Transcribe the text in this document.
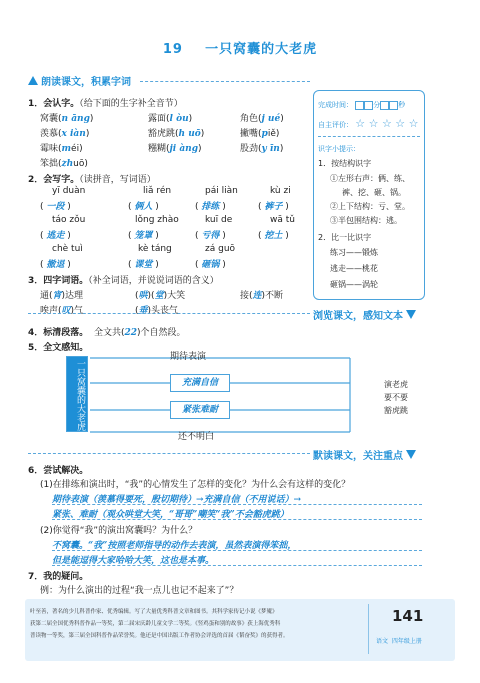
19 一只窝囊的大老虎
朗读课文，积累字词
1．会认字。（给下面的生字补全音节）
窝囊(n āng)	露面(l òu)	角色(j ué)
羡慕(x iàn)	豁虎跳(h uō)	撇嘴(piě)
霉味(méi)	糨糊(ji àng)	股劲(y īn)
笨拙(zhuō)
2．会写字。（读拼音，写词语）
yī duàn	liǎ rén	pái liàn	kù zi
( 一段 )	( 俩人 )	( 排练 )	( 裤子 )
táo zǒu	lǒng zhào	kuī de	wā tǔ
( 逃走 )	( 笼罩 )	( 亏得 )	( 挖土 )
chè tuì	kè táng	zá guō
( 撤退 )	( 课堂 )	( 砸锅 )
3．四字词语。（补全词语，并说说词语的含义）
通(宵)达理	(哄)(堂)大笑	接(连)不断
唉声(叹)气	(垂)头丧气
完成时间：	分	秒
自主评价： ☆ ☆ ☆ ☆ ☆
识字小提示：
1．按结构识字
①左形右声：俩、练、
裤、挖、砸、锅。
②上下结构：亏、堂。
③半包围结构：逃。
2．比一比识字
练习——锻炼
逃走——桃花
砸锅——涡轮
浏览课文，感知文本
4．标清段落。 全文共(22)个自然段。
5．全文感知。
一只窝囊的大老虎
期待表演
充满自信
紧张难耐
还不明白
演老虎
要不要
豁虎跳
默读课文，关注重点
6．尝试解决。
(1)在排练和演出时，“我”的心情发生了怎样的变化？为什么会有这样的变化？
期待表演（羡慕得要死，殷切期待）→充满自信（不用说话）→
紧张、难耐（观众哄堂大笑，“哥哥”嘲笑“我”不会豁虎跳）
(2)你觉得“我”的演出窝囊吗？为什么？
不窝囊。“我”按照老师指导的动作去表演，虽然表演得笨拙，
但是能逗得大家哈哈大笑，这也是本事。
7．我的疑问。
例：为什么演出的过程“我一点儿也记不起来了”？
叶至善，著名的少儿科普作家、优秀编辑。写了大量优秀科普文章和图书。其科学家传记小说《梦魇》
获第二届全国优秀科普作品一等奖，第二届宋庆龄儿童文学二等奖。《竖鸡蛋和别的故事》获上海优秀科
普读物一等奖，第三届全国科普作品荣誉奖。他还是中国出版工作者协会评选的首届《韬奋奖》的获得者。
141
语文 四年级上册
